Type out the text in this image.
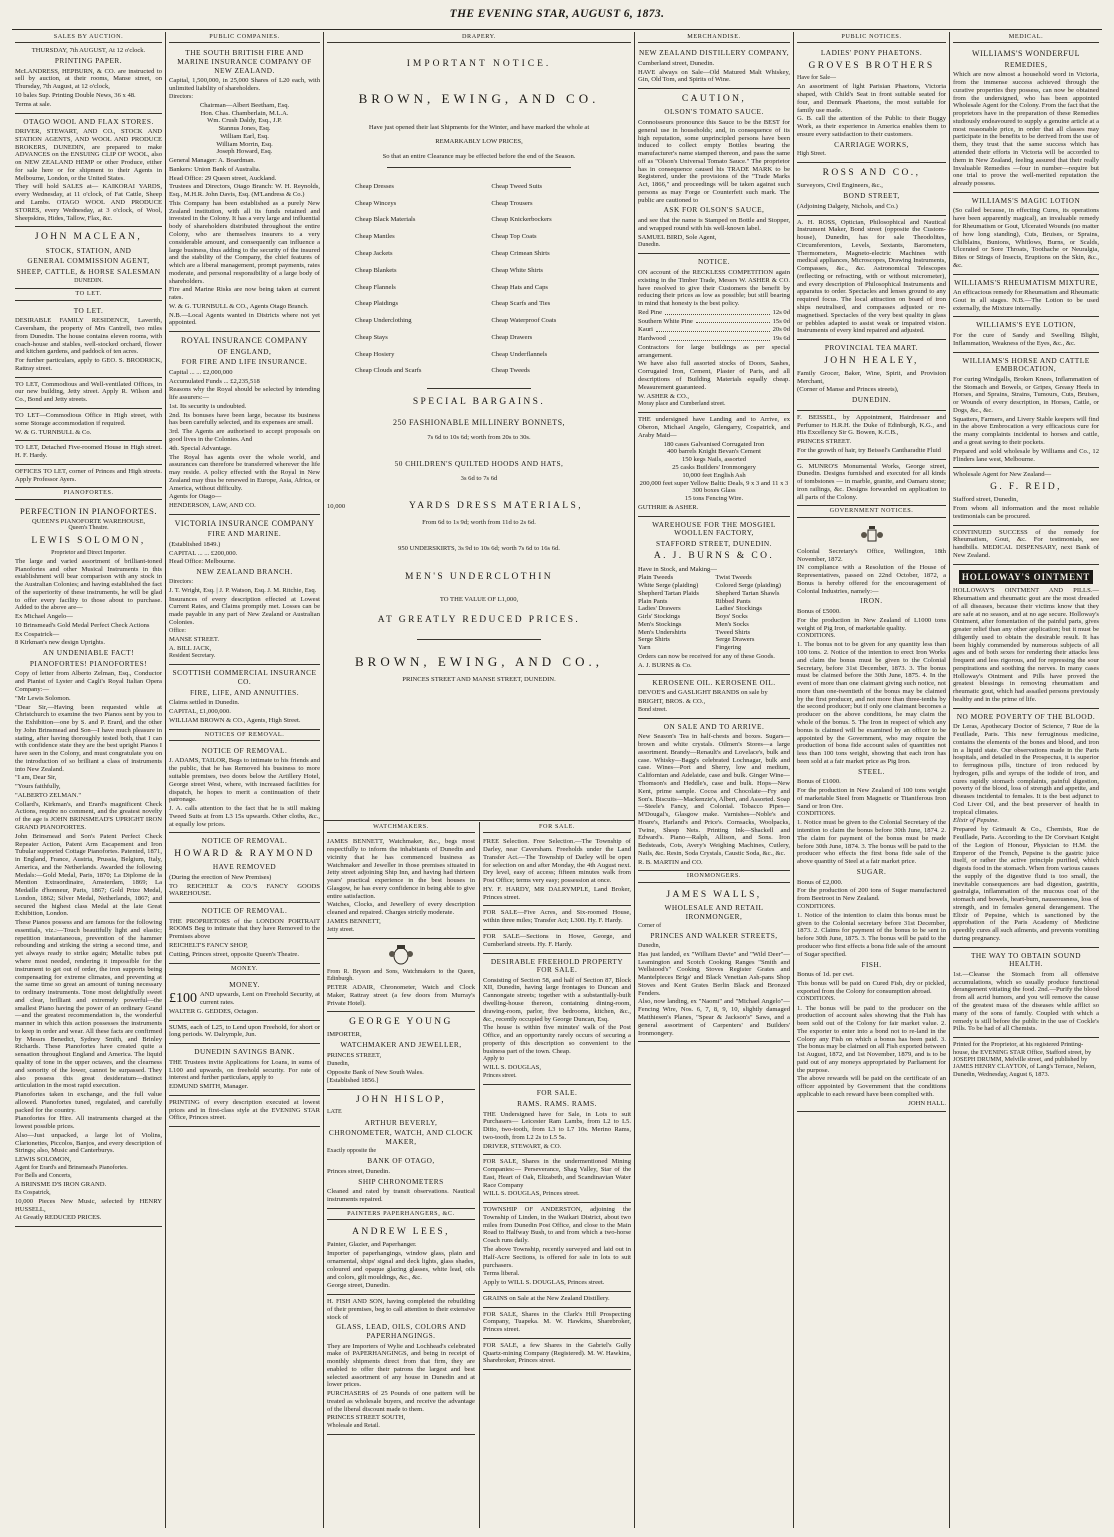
THE EVENING STAR, AUGUST 6, 1873.
SALES BY AUCTION.
THURSDAY, 7th AUGUST, At 12 o'clock.
PRINTING PAPER.

McLANDRESS, HEPBURN, & CO. are instructed to sell by auction, at their rooms, Manse street, on Thursday, 7th August, at 12 o'clock,

10 bales Sup. Printing Double News, 36 x 48.

Terms at sale.

OTAGO WOOL AND FLAX STORES.

DRIVER, STEWART, AND CO., STOCK AND STATION AGENTS, AND WOOL AND PRODUCE BROKERS, DUNEDIN, are prepared to make ADVANCES on the ENSUING CLIP OF WOOL, also on NEW ZEALAND HEMP or other Produce, either for sale here or for shipment to their Agents in Melbourne, London, or the United States.

They will hold SALES at— KAIKORAI YARDS, every Wednesday, at 11 o'clock, of Fat Cattle, Sheep and Lambs. OTAGO WOOL AND PRODUCE STORES, every Wednesday, at 3 o'clock, of Wool, Sheepskins, Hides, Tallow, Flax, &c.

JOHN MACLEAN,
STOCK, STATION, AND
GENERAL COMMISSION AGENT,
SHEEP, CATTLE, & HORSE SALESMAN
DUNEDIN.
TO LET.
TO LET.

DESIRABLE FAMILY RESIDENCE, Laverith, Caversham, the property of Mrs Cantrell, two miles from Dunedin. The house contains eleven rooms, with coach-house and stables, well-stocked orchard, flower and kitchen gardens, and paddock of ten acres.

For further particulars, apply to GEO. S. BRODRICK, Rattray street.

TO LET, Commodious and Well-ventilated Offices, in our new building, Jetty street. Apply R. Wilson and Co., Bond and Jetty streets.

TO LET—Commodious Office in High street, with some Storage accommodation if required.

W. & G. TURNBULL & Co.

TO LET, Detached Five-roomed House in High street. H. F. Hardy.

OFFICES TO LET, corner of Princes and High streets. Apply Professor Ayers.

PIANOFORTES.
PERFECTION IN PIANOFORTES.
QUEEN'S PIANOFORTE WAREHOUSE,
Queen's Theatre.
LEWIS SOLOMON,
Proprietor and Direct Importer.

The large and varied assortment of brilliant-toned Pianofortes and other Musical Instruments in this establishment will bear comparison with any stock in the Australian Colonies; and having established the fact of the superiority of these instruments, he will be glad to offer every facility to those about to purchase. Added to the above are—

Ex Michael Angelo—

10 Brinsmead's Gold Medal Perfect Check Actions

Ex Cospatrick—

8 Kirkman's new design Uprights.

AN UNDENIABLE FACT!
PIANOFORTES! PIANOFORTES!

Copy of letter from Alberto Zelman, Esq., Conductor and Pianist of Lyster and Cagli's Royal Italian Opera Company:—

"Mr Lewis Solomon.

"Dear Sir,—Having been requested while at Christchurch to examine the two Pianos sent by you to the Exhibition—one by S. and P. Erard, and the other by John Brinsmead and Son—I have much pleasure in stating, after having thoroughly tested both, that I can with confidence state they are the best upright Pianos I have seen in the Colony, and must congratulate you on the introduction of so brilliant a class of instruments into New Zealand.

"I am, Dear Sir,

"Yours faithfully,

"ALBERTO ZELMAN."

Collard's, Kirkman's, and Erard's magnificent Check Actions, require no comment, and the greatest novelty of the age is JOHN BRINSMEAD'S UPRIGHT IRON GRAND PIANOFORTES.

John Brinsmead and Son's Patent Perfect Check Repeater Action, Patent Arm Escapement and Iron Tubular supported Cottage Pianofortes. Patented, 1871, in England, France, Austria, Prussia, Belgium, Italy, America, and the Netherlands. Awarded the following Medals:—Gold Medal, Paris, 1870; La Diplome de la Mention Extraordinaire, Amsterdam, 1869; La Medaille d'honneur, Paris, 1867; Gold Prize Medal, London, 1862; Silver Medal, Netherlands, 1867; and secured the highest class Medal at the late Great Exhibition, London.

These Pianos possess and are famous for the following essentials, viz.:—Touch beautifully light and elastic; repetition instantaneous, prevention of the hammer rebounding and striking the string a second time, and yet always ready to strike again; Metallic tubes put where most needed, rendering it impossible for the instrument to get out of order, the iron supports being compensating for extreme climates, and preventing at the same time so great an amount of tuning necessary to ordinary instruments. Tone most delightfully sweet and clear, brilliant and extremely powerful—the smallest Piano having the power of an ordinary Grand—and the greatest recommendation is, the wonderful manner in which this action possesses the instruments to keep in order and wear. All these facts are confirmed by Messrs Benedict, Sydney Smith, and Brinley Richards. These Pianofortes have created quite a sensation throughout England and America. The liquid quality of tone in the upper octaves, and the clearness and sonority of the lower, cannot be surpassed. They also possess this great desideratum—distinct articulation in the most rapid execution.

Pianofortes taken in exchange, and the full value allowed. Pianofortes tuned, regulated, and carefully packed for the country.

Pianofortes for Hire. All instruments charged at the lowest possible prices.

Also—Just unpacked, a large lot of Violins, Clarionettes, Piccolos, Banjos, and every description of Strings; also, Music and Canterburys.

LEWIS SOLOMON,

Agent for Erard's and Brinsmead's Pianofortes.

For Bells and Concerts,

A BRINSME D'S IRON GRAND.

Ex Cospatrick,

10,000 Pieces New Music, selected by HENRY HUSSELL,

At Greatly REDUCED PRICES.

PUBLIC COMPANIES.
THE SOUTH BRITISH FIRE AND MARINE INSURANCE COMPANY OF NEW ZEALAND.

Capital, 1,500,000, in 25,000 Shares of L20 each, with unlimited liability of shareholders.

Directors:

Chairman—Albert Beetham, Esq.
Hon. Chas. Chamberlain, M.L.A.
Wm. Crush Daldy, Esq., J.P.
Stannus Jones, Esq.
William Earl, Esq.
William Morrin, Esq.
Joseph Howard, Esq.

General Manager: A. Boardman.

Bankers: Union Bank of Australia.

Head Office: 29 Queen street, Auckland.

Trustees and Directors, Otago Branch: W. H. Reynolds, Esq., M.H.R. John Davis, Esq. (M'Landress & Co.)

This Company has been established as a purely New Zealand institution, with all its funds retained and invested in the Colony. It has a very large and influential body of shareholders distributed throughout the entire Colony, who are themselves insurers to a very considerable amount, and consequently can influence a large business, thus adding to the security of the insured and the stability of the Company, the chief features of which are a liberal management, prompt payments, rates moderate, and personal responsibility of a large body of shareholders.

Fire and Marine Risks are now being taken at current rates.

W. & G. TURNBULL & CO., Agents Otago Branch.

N.B.—Local Agents wanted in Districts where not yet appointed.

ROYAL INSURANCE COMPANY
OF ENGLAND,
FOR FIRE AND LIFE INSURANCE.

Capital ... ... £2,000,000

Accumulated Funds ... £2,235,518

Reasons why the Royal should be selected by intending life assurers:—

1st. Its security is undoubted.

2nd. Its bonuses have been large, because its business has been carefully selected, and its expenses are small.

3rd. The Agents are authorised to accept proposals on good lives in the Colonies. And

4th. Special Advantage.

The Royal has agents over the whole world, and assurances can therefore be transferred wherever the life may reside. A policy effected with the Royal in New Zealand may thus be renewed in Europe, Asia, Africa, or America, without difficulty.

Agents for Otago—

HENDERSON, LAW, AND CO.

VICTORIA INSURANCE COMPANY
FIRE AND MARINE.

(Established 1849.)

CAPITAL ... ... £200,000.

Head Office: Melbourne.

NEW ZEALAND BRANCH.

Directors:

J. T. Wright, Esq. | J. P. Watson, Esq. J. M. Ritchie, Esq.

Insurances of every description effected at Lowest Current Rates, and Claims promptly met. Losses can be made payable in any part of New Zealand or Australian Colonies.

Office:

MANSE STREET.

A. BILL JACK,

Resident Secretary.

SCOTTISH COMMERCIAL INSURANCE CO.
FIRE, LIFE, AND ANNUITIES.

Claims settled in Dunedin.

CAPITAL, £1,000,000.

WILLIAM BROWN & CO., Agents, High Street.

NOTICES OF REMOVAL.
NOTICE OF REMOVAL.

J. ADAMS, TAILOR, Begs to intimate to his friends and the public, that he has Removed his business to more suitable premises, two doors below the Artillery Hotel, George street West, where, with increased facilities for dispatch, he hopes to merit a continuation of their patronage.

J. A. calls attention to the fact that he is still making Tweed Suits at from L3 15s upwards. Other cloths, &c., at equally low prices.

NOTICE OF REMOVAL.
HOWARD & RAYMOND
HAVE REMOVED

(During the erection of New Premises)

TO REICHELT & CO.'S FANCY GOODS WAREHOUSE.

NOTICE OF REMOVAL.

THE PROPRIETORS of the LONDON PORTRAIT ROOMS Beg to intimate that they have Removed to the Premises above

REICHELT'S FANCY SHOP,

Cutting, Princes street, opposite Queen's Theatre.

MONEY.
MONEY.

£100 AND upwards, Lent on Freehold Security, at current rates.

WALTER G. GEDDES, Octagon.

SUMS, each of L25, to Lend upon Freehold, for short or long periods. W. Dalrymple, Jun.

DUNEDIN SAVINGS BANK.

THE Trustees invite Applications for Loans, in sums of L100 and upwards, on freehold security. For rate of interest and further particulars, apply to

EDMUND SMITH, Manager.

PRINTING of every description executed at lowest prices and in first-class style at the EVENING STAR Office, Princes street.

DRAPERY.
IMPORTANT NOTICE.
BROWN, EWING, AND CO.

Have just opened their last Shipments for the Winter, and have marked the whole at

REMARKABLY LOW PRICES,

So that an entire Clearance may be effected before the end of the Season.

Cheap Dresses
Cheap Winceys
Cheap Black Materials
Cheap Mantles
Cheap Jackets
Cheap Blankets
Cheap Flannels
Cheap Plaidings
Cheap Underclothing
Cheap Stays
Cheap Hosiery
Cheap Clouds and Scarfs
Cheap Tweed Suits
Cheap Trousers
Cheap Knickerbockers
Cheap Top Coats
Cheap Crimean Shirts
Cheap White Shirts
Cheap Hats and Caps
Cheap Scarfs and Ties
Cheap Waterproof Coats
Cheap Drawers
Cheap Underflannels
Cheap Tweeds
SPECIAL BARGAINS.
250 FASHIONABLE MILLINERY BONNETS,

7s 6d to 10s 6d; worth from 20s to 30s.

50 CHILDREN'S QUILTED HOODS AND HATS,

3s 6d to 7s 6d

10,000	YARDS DRESS MATERIALS,

From 6d to 1s 9d; worth from 11d to 2s 6d.

950 UNDERSKIRTS, 3s 9d to 10s 6d; worth 7s 6d to 16s 6d.

MEN'S UNDERCLOTHIN

TO THE VALUE OF L1,000,

AT GREATLY REDUCED PRICES.
BROWN, EWING, AND CO.,

PRINCES STREET AND MANSE STREET, DUNEDIN.

WATCHMAKERS.

JAMES BENNETT, Watchmaker, &c., begs most respectfully to inform the inhabitants of Dunedin and vicinity that he has commenced business as Watchmaker and Jeweller in those premises situated in Jetty street adjoining Ship Inn, and having had thirteen years' practical experience in the best houses in Glasgow, he has every confidence in being able to give entire satisfaction.

Watches, Clocks, and Jewellery of every description cleaned and repaired. Charges strictly moderate.

JAMES BENNETT,

Jetty street.

From R. Bryson and Sons, Watchmakers to the Queen, Edinburgh.

PETER ADAIR, Chronometer, Watch and Clock Maker, Rattray street (a few doors from Murray's Private Hotel).

GEORGE YOUNG

IMPORTER,

WATCHMAKER AND JEWELLER,

PRINCES STREET,

Dunedin,

Opposite Bank of New South Wales.

[Established 1856.]

JOHN HISLOP,

LATE

ARTHUR BEVERLY,
CHRONOMETER, WATCH, AND CLOCK MAKER,

Exactly opposite the

BANK OF OTAGO,

Princes street, Dunedin.

SHIP CHRONOMETERS

Cleaned and rated by transit observations. Nautical instruments repaired.

PAINTERS PAPERHANGERS, &C.
ANDREW LEES,

Painter, Glazier, and Paperhanger.

Importer of paperhangings, window glass, plain and ornamental, ships' signal and deck lights, glass shades, coloured and opaque glazing glasses, white lead, oils and colors, gilt mouldings, &c., &c.

George street, Dunedin.

H. FISH AND SON, having completed the rebuilding of their premises, beg to call attention to their extensive stock of

GLASS, LEAD, OILS, COLORS AND PAPERHANGINGS.

They are Importers of Wylie and Lochhead's celebrated make of PAPERHANGINGS, and being in receipt of monthly shipments direct from that firm, they are enabled to offer their patrons the largest and best selected assortment of any house in Dunedin and at lower prices.

PURCHASERS of 25 Pounds of one pattern will be treated as wholesale buyers, and receive the advantage of the liberal discount made to them.

PRINCES STREET SOUTH,

Wholesale and Retail.

FOR SALE.

FREE Selection. Free Selection.—The Township of Darley, near Caversham. Freeholds under the Land Transfer Act.—The Township of Darley will be open for selection on and after Monday, the 4th August next. Dry level, easy of access; fifteen minutes walk from Post Office; terms very easy; possession at once.

HY. F. HARDY, MR DALRYMPLE, Land Broker, Princes street.

FOR SALE—Five Acres, and Six-roomed House, within three miles; Transfer Act; L300. Hy. F. Hardy.

FOR SALE—Sections in Howe, George, and Cumberland streets. Hy. F. Hardy.

DESIRABLE FREEHOLD PROPERTY FOR SALE.

Consisting of Section 58, and half of Section 87, Block XII, Dunedin, having large frontages to Duncan and Cannongate streets; together with a substantially-built dwelling-house thereon, containing dining-room, drawing-room, parlor, five bedrooms, kitchen, &c., &c., recently occupied by George Duncan, Esq.

The house is within five minutes' walk of the Post Office, and an opportunity rarely occurs of securing a property of this description so convenient to the business part of the town. Cheap.

Apply to

WILL S. DOUGLAS,

Princes street.

FOR SALE.
RAMS. RAMS. RAMS.

THE Undersigned have for Sale, in Lots to suit Purchasers— Leicester Ram Lambs, from L2 to L5. Ditto, two-tooth, from L3 to L7 10s. Merino Rams, two-tooth, from L2 2s to L5 5s.

DRIVER, STEWART, & CO.

FOR SALE, Shares in the undermentioned Mining Companies:— Perseverance, Shag Valley, Star of the East, Heart of Oak, Elizabeth, and Scandinavian Water Race Company

WILL S. DOUGLAS, Princes street.

TOWNSHIP OF ANDERSTON, adjoining the Township of Linden, in the Waikari District, about two miles from Dunedin Post Office, and close to the Main Road to Halfway Bush, to and from which a two-horse Coach runs daily.

The above Township, recently surveyed and laid out in Half-Acre Sections, is offered for sale in lots to suit purchasers.

Terms liberal.

Apply to WILL S. DOUGLAS, Princes street.

GRAINS on Sale at the New Zealand Distillery.

FOR SALE, Shares in the Clark's Hill Prospecting Company, Tuapeka. M. W. Hawkins, Sharebroker, Princes street.

FOR SALE, a few Shares in the Gabriel's Gully Quartz-mining Company (Registered). M. W. Hawkins, Sharebroker, Princes street.

MERCHANDISE.
NEW ZEALAND DISTILLERY COMPANY,

Cumberland street, Dunedin.

HAVE always on Sale—Old Matured Malt Whiskey, Gin, Old Tom, and Spirits of Wine.

CAUTION,
OLSON'S TOMATO SAUCE.

Connoisseurs pronounce this Sauce to be the BEST for general use in households; and, in consequence of its high reputation, some unprincipled persons have been induced to collect empty Bottles bearing the manufacturer's name stamped thereon, and pass the same off as "Olson's Universal Tomato Sauce." The proprietor has in consequence caused his TRADE MARK to be Registered, under the provisions of the "Trade Marks Act, 1866," and proceedings will be taken against such persons as may Forge or Counterfeit such mark. The public are cautioned to

ASK FOR OLSON'S SAUCE,

and see that the name is Stamped on Bottle and Stopper, and wrapped round with his well-known label.

SAMUEL BIRD, Sole Agent,

Dunedin.

NOTICE.

ON account of the RECKLESS COMPETITION again existing in the Timber Trade, Messrs W. ASHER & CO. have resolved to give their Customers the benefit by reducing their prices as low as possible; but still bearing in mind that honesty is the best policy.

Red Pine	12s 0d
Southern White Pine	15s 0d
Kauri	20s 0d
Hardwood	19s 6d

Contractors for large buildings as per special arrangement.

We have also full assorted stocks of Doors, Sashes, Corrugated Iron, Cement, Plaster of Paris, and all descriptions of Building Materials equally cheap. Measurement guaranteed.

W. ASHER & CO.,

Moray place and Cumberland street.

THE undersigned have Landing and to Arrive, ex Oberon, Michael Angelo, Glengarry, Cospatrick, and Araby Maid—

180 cases Galvanised Corrugated Iron
400 barrels Knight Bevan's Cement
150 kegs Nails, assorted
25 casks Builders' Ironmongery
10,000 feet English Ash
200,000 feet super Yellow Baltic Deals, 9 x 3 and 11 x 3
300 boxes Glass
15 tons Fencing Wire.

GUTHRIE & ASHER.

WAREHOUSE FOR THE MOSGIEL WOOLLEN FACTORY,
STAFFORD STREET, DUNEDIN.
A. J. BURNS & CO.

Have in Stock, and Making—

Plain Tweeds	Twist Tweeds
White Serge (plaiding)	Colored Serge (plaiding)
Shepherd Tartan Plaids	Shepherd Tartan Shawls
Plain Pants	Ribbed Pants
Ladies' Drawers	Ladies' Stockings
Girls' Stockings	Boys' Socks
Men's Stockings	Men's Socks
Men's Undershirts	Tweed Shirts
Serge Shirts	Serge Drawers
Yarn	Fingering

Orders can now be received for any of these Goods.

A. J. BURNS & Co.

KEROSENE OIL. KEROSENE OIL.

DEVOE'S and GASLIGHT BRANDS on sale by

BRIGHT, BROS. & CO.,

Bond street.

ON SALE AND TO ARRIVE.

New Season's Tea in half-chests and boxes. Sugars—brown and white crystals. Oilmen's Stores—a large assortment. Brandy—Renault's and Lovelace's, bulk and case. Whisky—Bagg's celebrated Lochnagar, bulk and case. Wines—Port and Sherry, low and medium, Californian and Adelaide, case and bulk. Ginger Wine—Thomson's and Heddle's, case and bulk. Hops—New Kent, prime sample. Cocoa and Chocolate—Fry and Son's. Biscuits—Mackenzie's, Albert, and Assorted. Soap—Steele's Fancy, and Colonial. Tobacco Pipes—M'Dougal's, Glasgow make. Varnishes—Noble's and Hoare's, Harland's and Price's. Cornsacks, Woolpacks, Twine, Sheep Nets. Printing Ink—Shackell and Edward's. Piano—Ralph, Allison, and Sons. Iron Bedsteads, Cots, Avery's Weighing Machines, Cutlery, Nails, &c. Resin, Soda Crystals, Caustic Soda, &c., &c.

R. B. MARTIN and CO.

IRONMONGERS.
JAMES WALLS,
WHOLESALE AND RETAIL IRONMONGER,

Corner of

PRINCES AND WALKER STREETS,

Dunedin,

Has just landed, ex "William Davie" and "Wild Deer"— Leamington and Scotch Cooking Ranges "Smith and Wellstood's" Cooking Stoves Register Grates and Mantelpieces Brigs' and Black Venetian Ash-pans Shop Stoves and Kent Grates Berlin Black and Bronzed Fenders.

Also, now landing, ex "Naomi" and "Michael Angelo"— Fencing Wire, Nos. 6, 7, 8, 9, 10, slightly damaged Matthiesen's Planes, "Spear & Jackson's" Saws, and a general assortment of Carpenters' and Builders' Ironmongery.

PUBLIC NOTICES.
LADIES' PONY PHAETONS.
GROVES BROTHERS

Have for Sale—

An assortment of light Parisian Phaetons, Victoria shaped, with Child's Seat in front suitable seated for four, and Denmark Phaetons, the most suitable for family use made.

G. B. call the attention of the Public to their Buggy Work, as their experience in America enables them to ensure every satisfaction to their customers.

CARRIAGE WORKS,

High Street.

ROSS AND CO.,

Surveyors, Civil Engineers, &c.,

BOND STREET,

(Adjoining Dalgety, Nichols, and Co.)

A. H. ROSS, Optician, Philosophical and Nautical Instrument Maker, Bond street (opposite the Custom-house), Dunedin, has for sale Theodolites, Circumferentors, Levels, Sextants, Barometers, Thermometers, Magneto-electric Machines with medical appliances, Microscopes, Drawing Instruments, Compasses, &c., &c. Astronomical Telescopes (reflecting or refracting, with or without micrometer), and every description of Philosophical Instruments and apparatus to order. Spectacles and lenses ground to any required focus. The local attraction on board of iron ships neutralised, and compasses adjusted or re-magnetised. Spectacles of the very best quality in glass or pebbles adapted to assist weak or impaired vision. Instruments of every kind repaired and adjusted.

PROVINCIAL TEA MART.
JOHN HEALEY,

Family Grocer, Baker, Wine, Spirit, and Provision Merchant,

(Corner of Manse and Princes streets),

DUNEDIN.

F. BEISSEL, by Appointment, Hairdresser and Perfumer to H.R.H. the Duke of Edinburgh, K.G., and His Excellency Sir G. Bowen, K.C.B.,

PRINCES STREET.

For the growth of hair, try Beissel's Cantharadite Fluid

G. MUNRO'S Monumental Works, George street, Dunedin. Designs furnished and executed for all kinds of tombstones — in marble, granite, and Oamaru stone; iron railings, &c. Designs forwarded on application to all parts of the Colony.

GOVERNMENT NOTICES.

Colonial Secretary's Office, Wellington, 18th November, 1872.

IN compliance with a Resolution of the House of Representatives, passed on 22nd October, 1872, a Bonus is hereby offered for the encouragement of Colonial Industries, namely:—

IRON.

Bonus of £5000.

For the production in New Zealand of L1000 tons weight of Pig Iron, of marketable quality.

CONDITIONS.

1. The bonus not to be given for any quantity less than 100 tons. 2. Notice of the intention to erect Iron Works and claim the bonus must be given to the Colonial Secretary, before 31st December, 1873. 3. The bonus must be claimed before the 30th June, 1875. 4. In the event of more than one claimant giving such notice, not more than one-twentieth of the bonus may be claimed by the first producer, and not more than three-tenths by the second producer; but if only one claimant becomes a producer on the above conditions, he may claim the whole of the bonus. 5. The Iron in respect of which any bonus is claimed will be examined by an officer to be appointed by the Government, who may require the production of bona fide account sales of quantities not less than 100 tons weight, showing that each iron has been sold at a fair market price as Pig Iron.

STEEL.

Bonus of £1000.

For the production in New Zealand of 100 tons weight of marketable Steel from Magnetic or Titaniferous Iron Sand or Iron Ore.

CONDITIONS.

1. Notice must be given to the Colonial Secretary of the intention to claim the bonus before 30th June, 1874. 2. The claim for payment of the bonus must be made before 30th June, 1874. 3. The bonus will be paid to the producer who effects the first bona fide sale of the above quantity of Steel at a fair market price.

SUGAR.

Bonus of £2,000.

For the production of 200 tons of Sugar manufactured from Beetroot in New Zealand.

CONDITIONS.

1. Notice of the intention to claim this bonus must be given to the Colonial secretary before 31st December, 1873. 2. Claims for payment of the bonus to be sent in before 30th June, 1875. 3. The bonus will be paid to the producer who first effects a bona fide sale of the amount of Sugar specified.

FISH.

Bonus of 1d. per cwt.

This bonus will be paid on Cured Fish, dry or pickled, exported from the Colony for consumption abroad.

CONDITIONS.

1. The bonus will be paid to the producer on the production of account sales showing that the Fish has been sold out of the Colony for fair market value. 2. The exporter to enter into a bond not to re-land in the Colony any Fish on which a bonus has been paid. 3. The bonus may be claimed on all Fish exported between 1st August, 1872, and 1st November, 1879, and is to be paid out of any moneys appropriated by Parliament for the purpose.

The above rewards will be paid on the certificate of an officer appointed by Government that the conditions applicable to each reward have been complied with.

JOHN HALL.

MEDICAL.
WILLIAMS'S WONDERFUL
REMEDIES,

Which are now almost a household word in Victoria, from the immense success achieved through the curative properties they possess, can now be obtained from the undersigned, who has been appointed Wholesale Agent for the Colony. From the fact that the proprietors have in the preparation of these Remedies studiously endeavoured to supply a genuine article at a most reasonable price, in order that all classes may participate in the benefits to be derived from the use of them, they trust that the same success which has attended their efforts in Victoria will be accorded to them in New Zealand, feeling assured that their really Invaluable Remedies —four in number—require but one trial to prove the well-merited reputation the already possess.

WILLIAMS'S MAGIC LOTION

(So called because, in effecting Cures, its operations have been apparently magical), an invaluable remedy for Rheumatism or Gout, Ulcerated Wounds (no matter of how long standing), Cuts, Bruises, or Sprains, Chilblains, Bunions, Whitlows, Burns, or Scalds, Ulcerated or Sore Throats, Toothache or Neuralgia, Bites or Stings of Insects, Eruptions on the Skin, &c., &c.

WILLIAMS'S RHEUMATISM MIXTURE,

An efficacious remedy for Rheumatism and Rheumatic Gout in all stages. N.B.—The Lotion to be used externally, the Mixture internally.

WILLIAMS'S EYE LOTION,

For the cure of Sandy and Swelling Blight, Inflammation, Weakness of the Eyes, &c., &c.

WILLIAMS'S HORSE AND CATTLE EMBROCATION,

For curing Windgalls, Broken Knees, Inflammation of the Stomach and Bowels, or Gripes, Greasy Heels in Horses, and Sprains, Strains, Tumours, Cuts, Bruises, or Wounds of every description, in Horses, Cattle, or Dogs, &c., &c.

Squatters, Farmers, and Livery Stable keepers will find in the above Embrocation a very efficacious cure for the many complaints incidental to horses and cattle, and a great saving to their pockets.

Prepared and sold wholesale by Williams and Co., 12 Flinders lane west, Melbourne.

Wholesale Agent for New Zealand—

G. F. REID,

Stafford street, Dunedin,

From whom all information and the most reliable testimonials can be procured.

CONTINUED SUCCESS of the remedy for Rheumatism, Gout, &c. For testimonials, see handbills. MEDICAL DISPENSARY, next Bank of New Zealand.

HOLLOWAY'S OINTMENT

HOLLOWAY'S OINTMENT AND PILLS.—Rheumatism and rheumatic gout are the most dreaded of all diseases, because their victims know that they are safe at no season, and at no age secure. Holloway's Ointment, after fomentation of the painful parts, gives greater relief than any other application; but it must be diligently used to obtain the desirable result. It has been highly commended by numerous subjects of all ages and of both sexes for rendering their attacks less frequent and less rigorous, and for repressing the sour perspirations and soothing the nerves. In many cases Holloway's Ointment and Pills have proved the greatest blessings in removing rheumatism and rheumatic gout, which had assailed persons previously healthy and in the prime of life.

NO MORE POVERTY OF THE BLOOD.

Dr Leras, Apothecary Doctor of Science, 7 Rue de la Feuillade, Paris. This new ferruginous medicine, contains the elements of the bones and blood, and iron in a liquid state. Our observations made in the Paris hospitals, and detailed in the Prospectus, it is superior to ferruginous pills, tincture of iron reduced by hydrogen, pills and syrups of the iodide of iron, and cures rapidly stomach complaints, painful digestion, poverty of the blood, loss of strength and appetite, and diseases incidental to females. It is the best adjunct to Cod Liver Oil, and the best preserver of health in tropical climates.

Elixir of Pepsine.

Prepared by Grimault & Co., Chemists, Rue de Feuillade, Paris. According to the Dr Corvisart Knight of the Legion of Honour, Physician to H.M. the Emperor of the French, Pepsine is the gastric juice itself, or rather the active principle purified, which digests food in the stomach. When from various causes the supply of the digestive fluid is too small, the inevitable consequences are bad digestion, gastritis, gastralgia, inflammation of the mucous coat of the stomach and bowels, heart-burn, nauseousness, loss of strength, and in females general derangement. The Elixir of Pepsine, which is sanctioned by the approbation of the Paris Academy of Medicine speedily cures all such ailments, and prevents vomiting during pregnancy.

THE WAY TO OBTAIN SOUND HEALTH.

1st.—Cleanse the Stomach from all offensive accumulations, which so usually produce functional derangement vitiating the food. 2nd.—Purify the blood from all acrid humors, and you will remove the cause of the greatest mass of the diseases while afflict so many of the sons of family. Coupled with which a remedy is still before the public in the use of Cockle's Pills. To be had of all Chemists.

Printed for the Proprietor, at his registered Printing-house, the EVENING STAR Office, Stafford street, by JOSEPH DRUMM, Melville street, and published by JAMES HENRY CLAYTON, of Lang's Terrace, Nelson, Dunedin, Wednesday, August 6, 1873.
